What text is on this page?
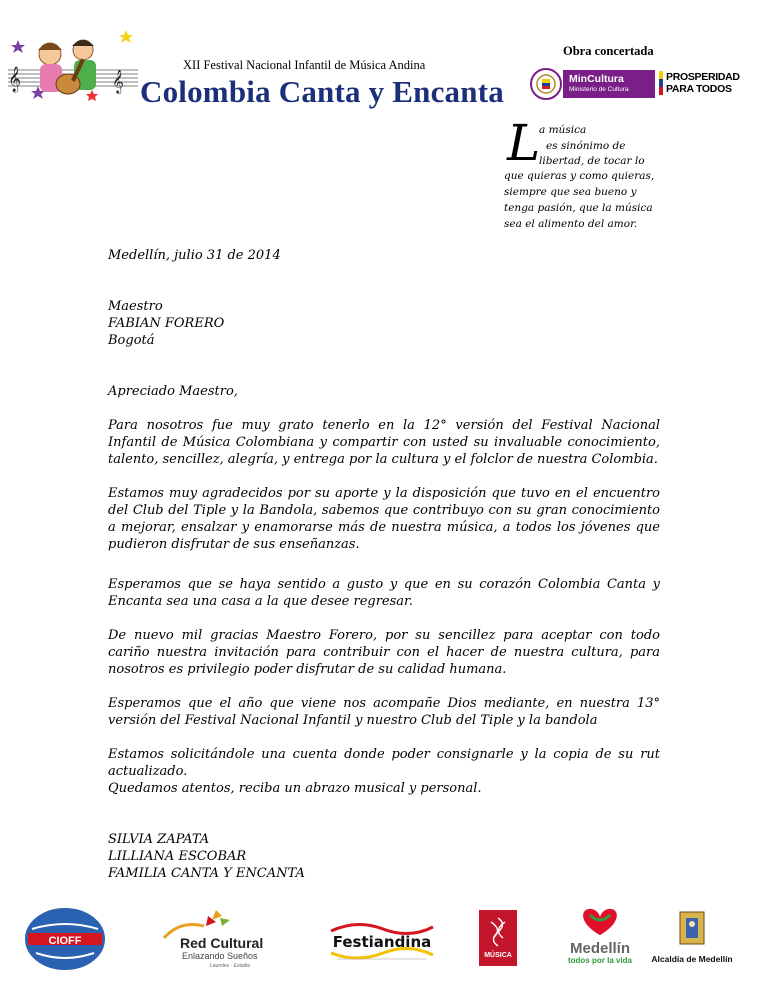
𝄞	𝄞
XII Festival Nacional Infantil de Música Andina
Colombia Canta y Encanta
Obra concertada
MinCultura
Ministerio de Cultura
PROSPERIDAD
PARA TODOS
L
a música
es sinónimo de
libertad, de tocar lo
que quieras y como quieras,
siempre que sea bueno y
tenga pasión, que la música
sea el alimento del amor.
Medellín, julio 31 de 2014
Maestro
FABIAN FORERO
Bogotá
Apreciado Maestro,
Para nosotros fue muy grato tenerlo en la 12° versión del Festival Nacional
Infantil de Música Colombiana y compartir con usted su invaluable conocimiento,
talento, sencillez, alegría, y entrega por la cultura y el folclor de nuestra Colombia.
Estamos muy agradecidos por su aporte y la disposición que tuvo en el encuentro
del Club del Tiple y la Bandola, sabemos que contribuyo con su gran conocimiento
a mejorar, ensalzar y enamorarse más de nuestra música, a todos los jóvenes que
pudieron disfrutar de sus enseñanzas.
Esperamos que se haya sentido a gusto y que en su corazón Colombia Canta y
Encanta sea una casa a la que desee regresar.
De nuevo mil gracias Maestro Forero, por su sencillez para aceptar con todo
cariño nuestra invitación para contribuir con el hacer de nuestra cultura, para
nosotros es privilegio poder disfrutar de su calidad humana.
Esperamos que el año que viene nos acompañe Dios mediante, en nuestra 13°
versión del Festival Nacional Infantil y nuestro Club del Tiple y la bandola
Estamos solicitándole una cuenta donde poder consignarle y la copia de su rut
actualizado.
Quedamos atentos, reciba un abrazo musical y personal.
SILVIA ZAPATA
LILLIANA ESCOBAR
FAMILIA CANTA Y ENCANTA
CIOFF	Red Cultural
Enlazando Sueños
Laureles · Estadio
Festiandina
MÚSICA	Medellín
todos por la vida Alcaldía de Medellín
